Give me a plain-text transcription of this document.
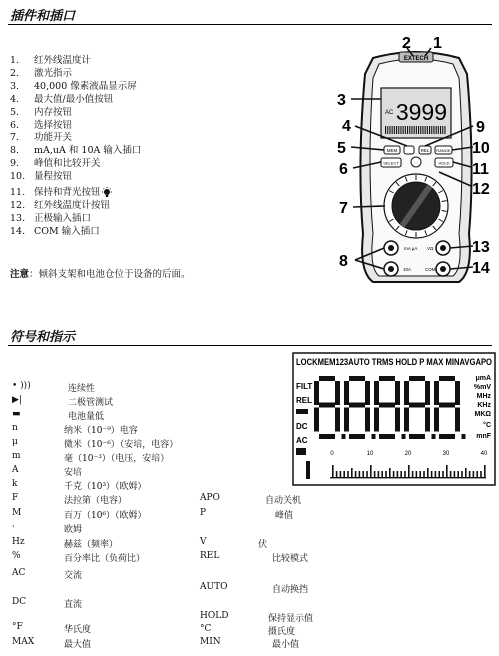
插件和插口
1.	红外线温度计
2.	激光指示
3.	40,000 像素液晶显示屏
4.	最大值/最小值按钮
5.	内存按钮
6.	选择按钮
7.	功能开关
8.	mA,uA 和 10A 输入插口
9.	峰值和比较开关
10. 量程按钮
11. 保持和背光按钮
12. 红外线温度计按钮
13. 正极输入插口
14. COM 输入插口
注意：倾斜支架和电池仓位于设备的后面。
EXTECH
AC 3999
MEM	REL RANGE
SELECT	HOLD
mA μA VΩ
10A	COM
1
2
3
4
5
6
7
8
9
10
11
12
13
14
符号和指示
LOCKMEM123AUTO TRMS HOLD P MAX MINAVGAPO
FILT
REL
DC
AC
μmA
%mV
MHz
KHz
MKΩ
°C
mnF
0	10	20	30	40
• )))	连续性
▶|	二极管测试
▬	电池量低
n	纳米（10⁻⁹）电容
μ	微米（10⁻⁶）（安培，电容）
m	毫（10⁻³）（电压，安培）
A	安培
k	千克（10³）（欧姆）
F	法拉第（电容）
M	百万（10⁶）（欧姆）
·	欧姆
Hz	赫兹（频率）
%	百分率比（负荷比）
AC	交流
DC	直流
°F	华氏度
MAX	最大值
APO	自动关机
P	峰值
V	伏
REL	比较模式
AUTO	自动换挡
HOLD	保持显示值
°C	摄氏度
MIN	最小值
